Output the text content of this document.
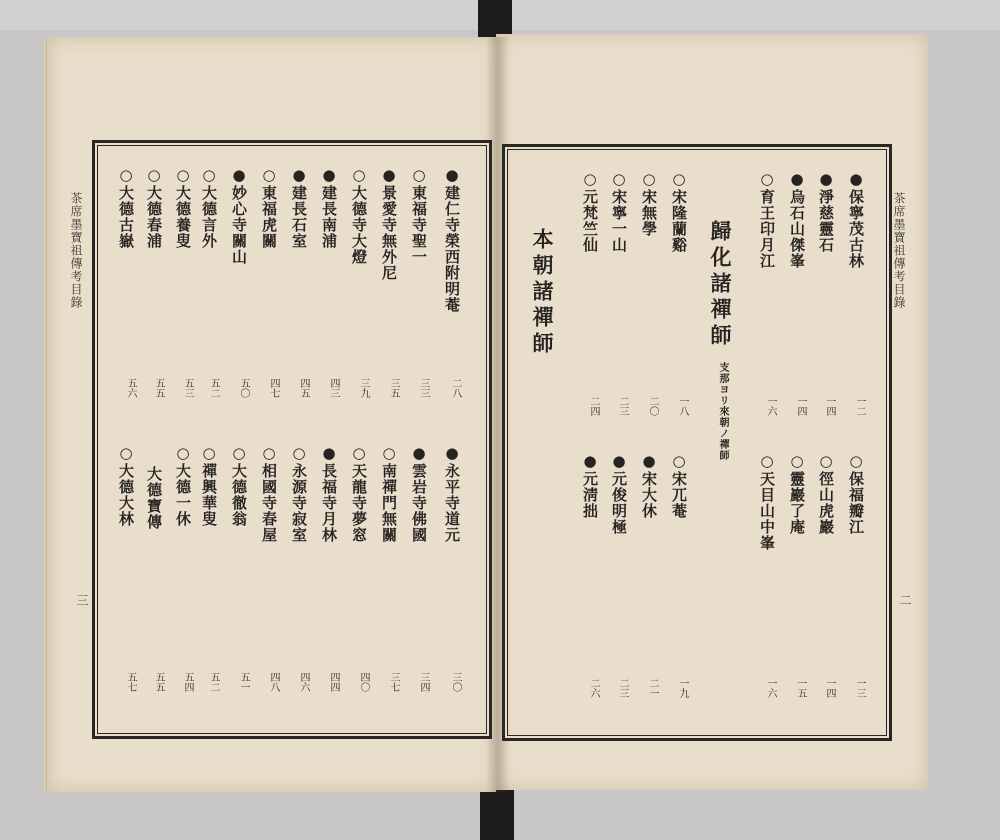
茶席墨寶祖傳考目錄	茶席墨寶祖傳考目錄
三	二
●建仁寺榮西附明菴
二八
○東福寺聖一
三三
●景愛寺無外尼
三五
○大德寺大燈
三九
●建長南浦
四三
●建長石室
四五
○東福虎關
四七
●妙心寺關山
五〇
○大德言外
五二
○大德養叟
五三
○大德春浦
五五
○大德古嶽
五六
●永平寺道元
三〇
●雲岩寺佛國
三四
○南禪門無關
三七
○天龍寺夢窓
四〇
●長福寺月林
四四
○永源寺寂室
四六
○相國寺春屋
四八
○大德徹翁
五一
○禪興華叟
五二
○大德一休
五四
大德寶傳
五五
○大德大林
五七
●保寧茂古林
一二
●淨慈靈石
一四
●烏石山傑峯
一四
○育王印月江
一六
○宋隆蘭谿
一八
○宋無學
二〇
○宋寧一山
二三
○元梵竺仙
二四
○保福瓣江
一三
○徑山虎巖
一四
○靈巖了庵
一五
○天目山中峯
一六
○宋兀菴
一九
●宋大休
二一
●元俊明極
二三
●元淸拙
二六
歸化諸禪師
支那ヨリ來朝ノ禪師
本朝諸禪師
